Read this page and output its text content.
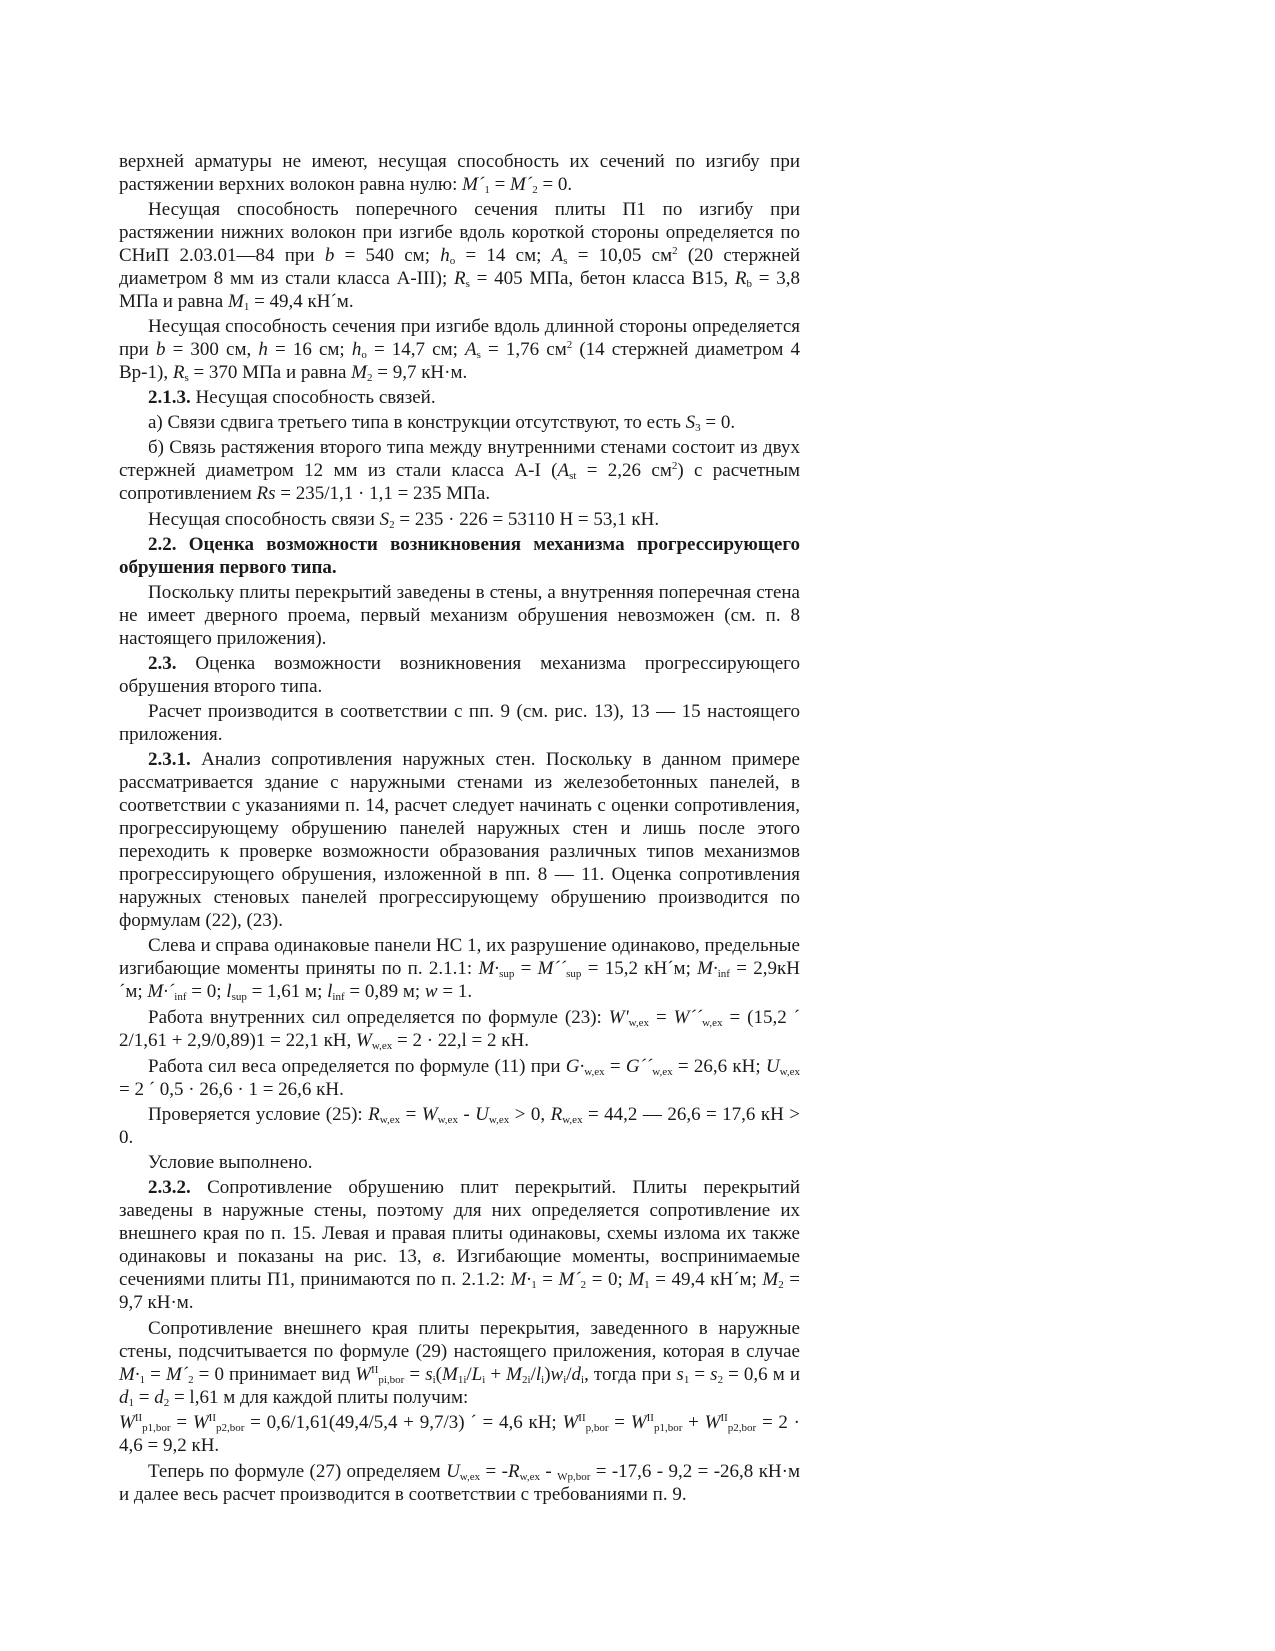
верхней арматуры не имеют, несущая способность их сечений по изгибу при растяжении верхних волокон равна нулю: $M´_1$ = $M´_2 = 0$.

Несущая способность поперечного сечения плиты П1 по изгибу при растяжении нижних волокон при изгибе вдоль короткой стороны определяется по СНиП 2.03.01—84 при b = 540 см; $h_o = 14$ см; $A_s = 10,05$ $см^2$ (20 стержней диаметром 8 мм из стали класса А-III); $R_s = 405$ МПа, бетон класса В15, $R_b = 3,8$ МПа и равна $M_1 = 49,4$ кН´м.

Несущая способность сечения при изгибе вдоль длинной стороны определяется при b = 300 см, h = 16 см; $h_o = 14,7$ см; $A_s = 1,76$ $см^2$ (14 стержней диаметром 4 Вр-1), $R_s = 370$ МПа и равна $M_2 = 9,7$ кН·м.

2.1.3. Несущая способность связей.

а) Связи сдвига третьего типа в конструкции отсутствуют, то есть $S_3 = 0$.

б) Связь растяжения второго типа между внутренними стенами состоит из двух стержней диаметром 12 мм из стали класса А-I ($A_{st} = 2,26$ $см^2$) с расчетным сопротивлением Rs = 235/1,1 · 1,1 = 235 МПа.

Несущая способность связи $S_2 = 235 \cdot 226 = 53110$ Н = 53,1 кН.

2.2. Оценка возможности возникновения механизма прогрессирующего обрушения первого типа.

Поскольку плиты перекрытий заведены в стены, а внутренняя поперечная стена не имеет дверного проема, первый механизм обрушения невозможен (см. п. 8 настоящего приложения).

2.3. Оценка возможности возникновения механизма прогрессирующего обрушения второго типа.

Расчет производится в соответствии с пп. 9 (см. рис. 13), 13 — 15 настоящего приложения.

2.3.1. Анализ сопротивления наружных стен. Поскольку в данном примере рассматривается здание с наружными стенами из железобетонных панелей, в соответствии с указаниями п. 14, расчет следует начинать с оценки сопротивления, прогрессирующему обрушению панелей наружных стен и лишь после этого переходить к проверке возможности образования различных типов механизмов прогрессирующего обрушения, изложенной в пп. 8 — 11. Оценка сопротивления наружных стеновых панелей прогрессирующему обрушению производится по формулам (22), (23).

Слева и справа одинаковые панели НС 1, их разрушение одинаково, предельные изгибающие моменты приняты по п. 2.1.1: $M\cdot_{sup}$ = $M´´_{sup} = 15,2$ кН´м; $M\cdot_{inf}$ = 2,9кН´м; $M\cdot´_{inf} = 0$; $l_{sup} = 1,61$ м; $l_{inf} = 0,89$ м; w = 1.

Работа внутренних сил определяется по формуле (23): $W'_{w,ex}$ = $W´´_{w,ex} = (15,2$ ´ 2/1,61 + 2,9/0,89)1 = 22,1 кН, $W_{w,ex} = 2 \cdot 22,l = 2$ кН.

Работа сил веса определяется по формуле (11) при $G\cdot_{w,ex}$ = $G´´_{w,ex} = 26,6$ кН; $U_{w,ex} = 2$ ´ 0,5 · 26,6 · 1 = 26,6 кН.

Проверяется условие (25): $R_{w,ex} = W_{w,ex} - U_{w,ex} > 0$, $R_{w,ex} = 44,2$ — 26,6 = 17,6 кН > 0.

Условие выполнено.

2.3.2. Сопротивление обрушению плит перекрытий. Плиты перекрытий заведены в наружные стены, поэтому для них определяется сопротивление их внешнего края по п. 15. Левая и правая плиты одинаковы, схемы излома их также одинаковы и показаны на рис. 13, в. Изгибающие моменты, воспринимаемые сечениями плиты П1, принимаются по п. 2.1.2: $M\cdot_1$ = $M´_2 = 0$; $M_1 = 49,4$ кН´м; $M_2 = 9,7$ кН·м.

Сопротивление внешнего края плиты перекрытия, заведенного в наружные стены, подсчитывается по формуле (29) настоящего приложения, которая в случае $M\cdot_1$ = $M´_2 = 0$ принимает вид $W^{II}_{pi,bor} = s_i(M_{1i}/L_i + M_{2i}/l_i)w_i/d_i$, тогда при $s_1 = s_2 = 0,6$ м и $d_1 = d_2 = l,61$ м для каждой плиты получим:

$W^{II}_{p1,bor} = W^{II}_{p2,bor} = 0,6/1,61(49,4/5,4 + 9,7/3)$ ´ = 4,6 кН; $W^{II}_{p,bor} = W^{II}_{p1,bor} + W^{II}_{p2,bor} = 2 \cdot 4,6 = 9,2$ кН.

Теперь по формуле (27) определяем $U_{w,ex} = -R_{w,ex} - _{Wp,bor} = -17,6 - 9,2 = -26,8$ кН·м и далее весь расчет производится в соответствии с требованиями п. 9.
